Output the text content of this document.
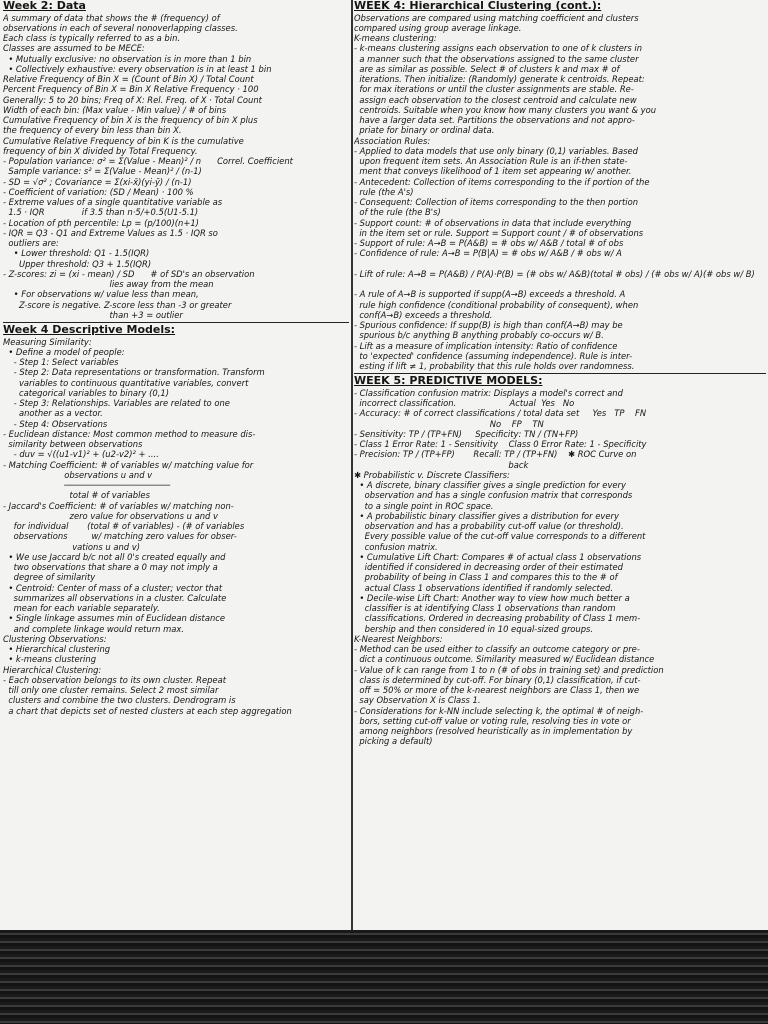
Week 2: Data
A summary of data that shows the # (frequency) of
observations in each of several nonoverlapping classes.
Each class is typically referred to as a bin.
Classes are assumed to be MECE:
• Mutually exclusive: no observation is in more than 1 bin
• Collectively exhaustive: every observation is in at least 1 bin
Relative Frequency of Bin X = (Count of Bin X) / Total Count
Percent Frequency of Bin X = Bin X Relative Frequency · 100
Generally: 5 to 20 bins; Freq of X: Rel. Freq. of X · Total Count
Width of each bin: (Max value - Min value) / # of bins
Cumulative Frequency of bin X is the frequency of bin X plus
the frequency of every bin less than bin X.
Cumulative Relative Frequency of bin K is the cumulative
frequency of bin X divided by Total Frequency.
- Population variance: σ² = Σ(Value - Mean)² / n      Correl. Coefficient
Sample variance: s² = Σ(Value - Mean)² / (n-1)
- SD = √σ² ; Covariance = Σ(xi-x̄)(yi-ȳ) / (n-1)
- Coefficient of variation: (SD / Mean) · 100 %
- Extreme values of a single quantitative variable as
1.5 · IQR              if 3.5 than n·5/+0.5(U1-5.1)
- Location of pth percentile: Lp = (p/100)(n+1)
- IQR = Q3 - Q1 and Extreme Values as 1.5 · IQR so
outliers are:
• Lower threshold: Q1 - 1.5(IQR)
Upper threshold: Q3 + 1.5(IQR)
- Z-scores: zi = (xi - mean) / SD      # of SD's an observation
lies away from the mean
• For observations w/ value less than mean,
Z-score is negative. Z-score less than -3 or greater
than +3 = outlier
Week 4 Descriptive Models:
Measuring Similarity:
• Define a model of people:
- Step 1: Select variables
- Step 2: Data representations or transformation. Transform
variables to continuous quantitative variables, convert
categorical variables to binary (0,1)
- Step 3: Relationships. Variables are related to one
another as a vector.
- Step 4: Observations
- Euclidean distance: Most common method to measure dis-
similarity between observations
- duv = √((u1-v1)² + (u2-v2)² + ....
- Matching Coefficient: # of variables w/ matching value for
observations u and v
─────────────────────
total # of variables
- Jaccard's Coefficient: # of variables w/ matching non-
zero value for observations u and v
for individual       (total # of variables) - (# of variables
observations         w/ matching zero values for obser-
vations u and v)
• We use Jaccard b/c not all 0's created equally and
two observations that share a 0 may not imply a
degree of similarity
• Centroid: Center of mass of a cluster; vector that
summarizes all observations in a cluster. Calculate
mean for each variable separately.
• Single linkage assumes min of Euclidean distance
and complete linkage would return max.
Clustering Observations:
• Hierarchical clustering
• k-means clustering
Hierarchical Clustering:
- Each observation belongs to its own cluster. Repeat
till only one cluster remains. Select 2 most similar
clusters and combine the two clusters. Dendrogram is
a chart that depicts set of nested clusters at each step aggregation
WEEK 4: Hierarchical Clustering (cont.):
Observations are compared using matching coefficient and clusters
compared using group average linkage.
K-means clustering:
- k-means clustering assigns each observation to one of k clusters in
a manner such that the observations assigned to the same cluster
are as similar as possible. Select # of clusters k and max # of
iterations. Then initialize: (Randomly) generate k centroids. Repeat:
for max iterations or until the cluster assignments are stable. Re-
assign each observation to the closest centroid and calculate new
centroids. Suitable when you know how many clusters you want & you
have a larger data set. Partitions the observations and not appro-
priate for binary or ordinal data.
Association Rules:
- Applied to data models that use only binary (0,1) variables. Based
upon frequent item sets. An Association Rule is an if-then state-
ment that conveys likelihood of 1 item set appearing w/ another.
- Antecedent: Collection of items corresponding to the if portion of the
rule (the A's)
- Consequent: Collection of items corresponding to the then portion
of the rule (the B's)
- Support count: # of observations in data that include everything
in the item set or rule. Support = Support count / # of observations
- Support of rule: A→B = P(A&B) = # obs w/ A&B / total # of obs
- Confidence of rule: A→B = P(B|A) = # obs w/ A&B / # obs w/ A

- Lift of rule: A→B = P(A&B) / P(A)·P(B) = (# obs w/ A&B)(total # obs) / (# obs w/ A)(# obs w/ B)

- A rule of A→B is supported if supp(A→B) exceeds a threshold. A
rule high confidence (conditional probability of consequent), when
conf(A→B) exceeds a threshold.
- Spurious confidence: If supp(B) is high than conf(A→B) may be
spurious b/c anything B anything probably co-occurs w/ B.
- Lift as a measure of implication intensity: Ratio of confidence
to 'expected' confidence (assuming independence). Rule is inter-
esting if lift ≠ 1, probability that this rule holds over randomness.
WEEK 5: PREDICTIVE MODELS:
- Classification confusion matrix: Displays a model's correct and
incorrect classification.                    Actual  Yes   No
- Accuracy: # of correct classifications / total data set     Yes   TP    FN
No    FP    TN
- Sensitivity: TP / (TP+FN)     Specificity: TN / (TN+FP)
- Class 1 Error Rate: 1 - Sensitivity    Class 0 Error Rate: 1 - Specificity
- Precision: TP / (TP+FP)       Recall: TP / (TP+FN)    ✱ ROC Curve on
back
✱ Probabilistic v. Discrete Classifiers:
• A discrete, binary classifier gives a single prediction for every
observation and has a single confusion matrix that corresponds
to a single point in ROC space.
• A probabilistic binary classifier gives a distribution for every
observation and has a probability cut-off value (or threshold).
Every possible value of the cut-off value corresponds to a different
confusion matrix.
• Cumulative Lift Chart: Compares # of actual class 1 observations
identified if considered in decreasing order of their estimated
probability of being in Class 1 and compares this to the # of
actual Class 1 observations identified if randomly selected.
• Decile-wise Lift Chart: Another way to view how much better a
classifier is at identifying Class 1 observations than random
classifications. Ordered in decreasing probability of Class 1 mem-
bership and then considered in 10 equal-sized groups.
K-Nearest Neighbors:
- Method can be used either to classify an outcome category or pre-
dict a continuous outcome. Similarity measured w/ Euclidean distance
- Value of k can range from 1 to n (# of obs in training set) and prediction
class is determined by cut-off. For binary (0,1) classification, if cut-
off = 50% or more of the k-nearest neighbors are Class 1, then we
say Observation X is Class 1.
- Considerations for k-NN include selecting k, the optimal # of neigh-
bors, setting cut-off value or voting rule, resolving ties in vote or
among neighbors (resolved heuristically as in implementation by
picking a default)
